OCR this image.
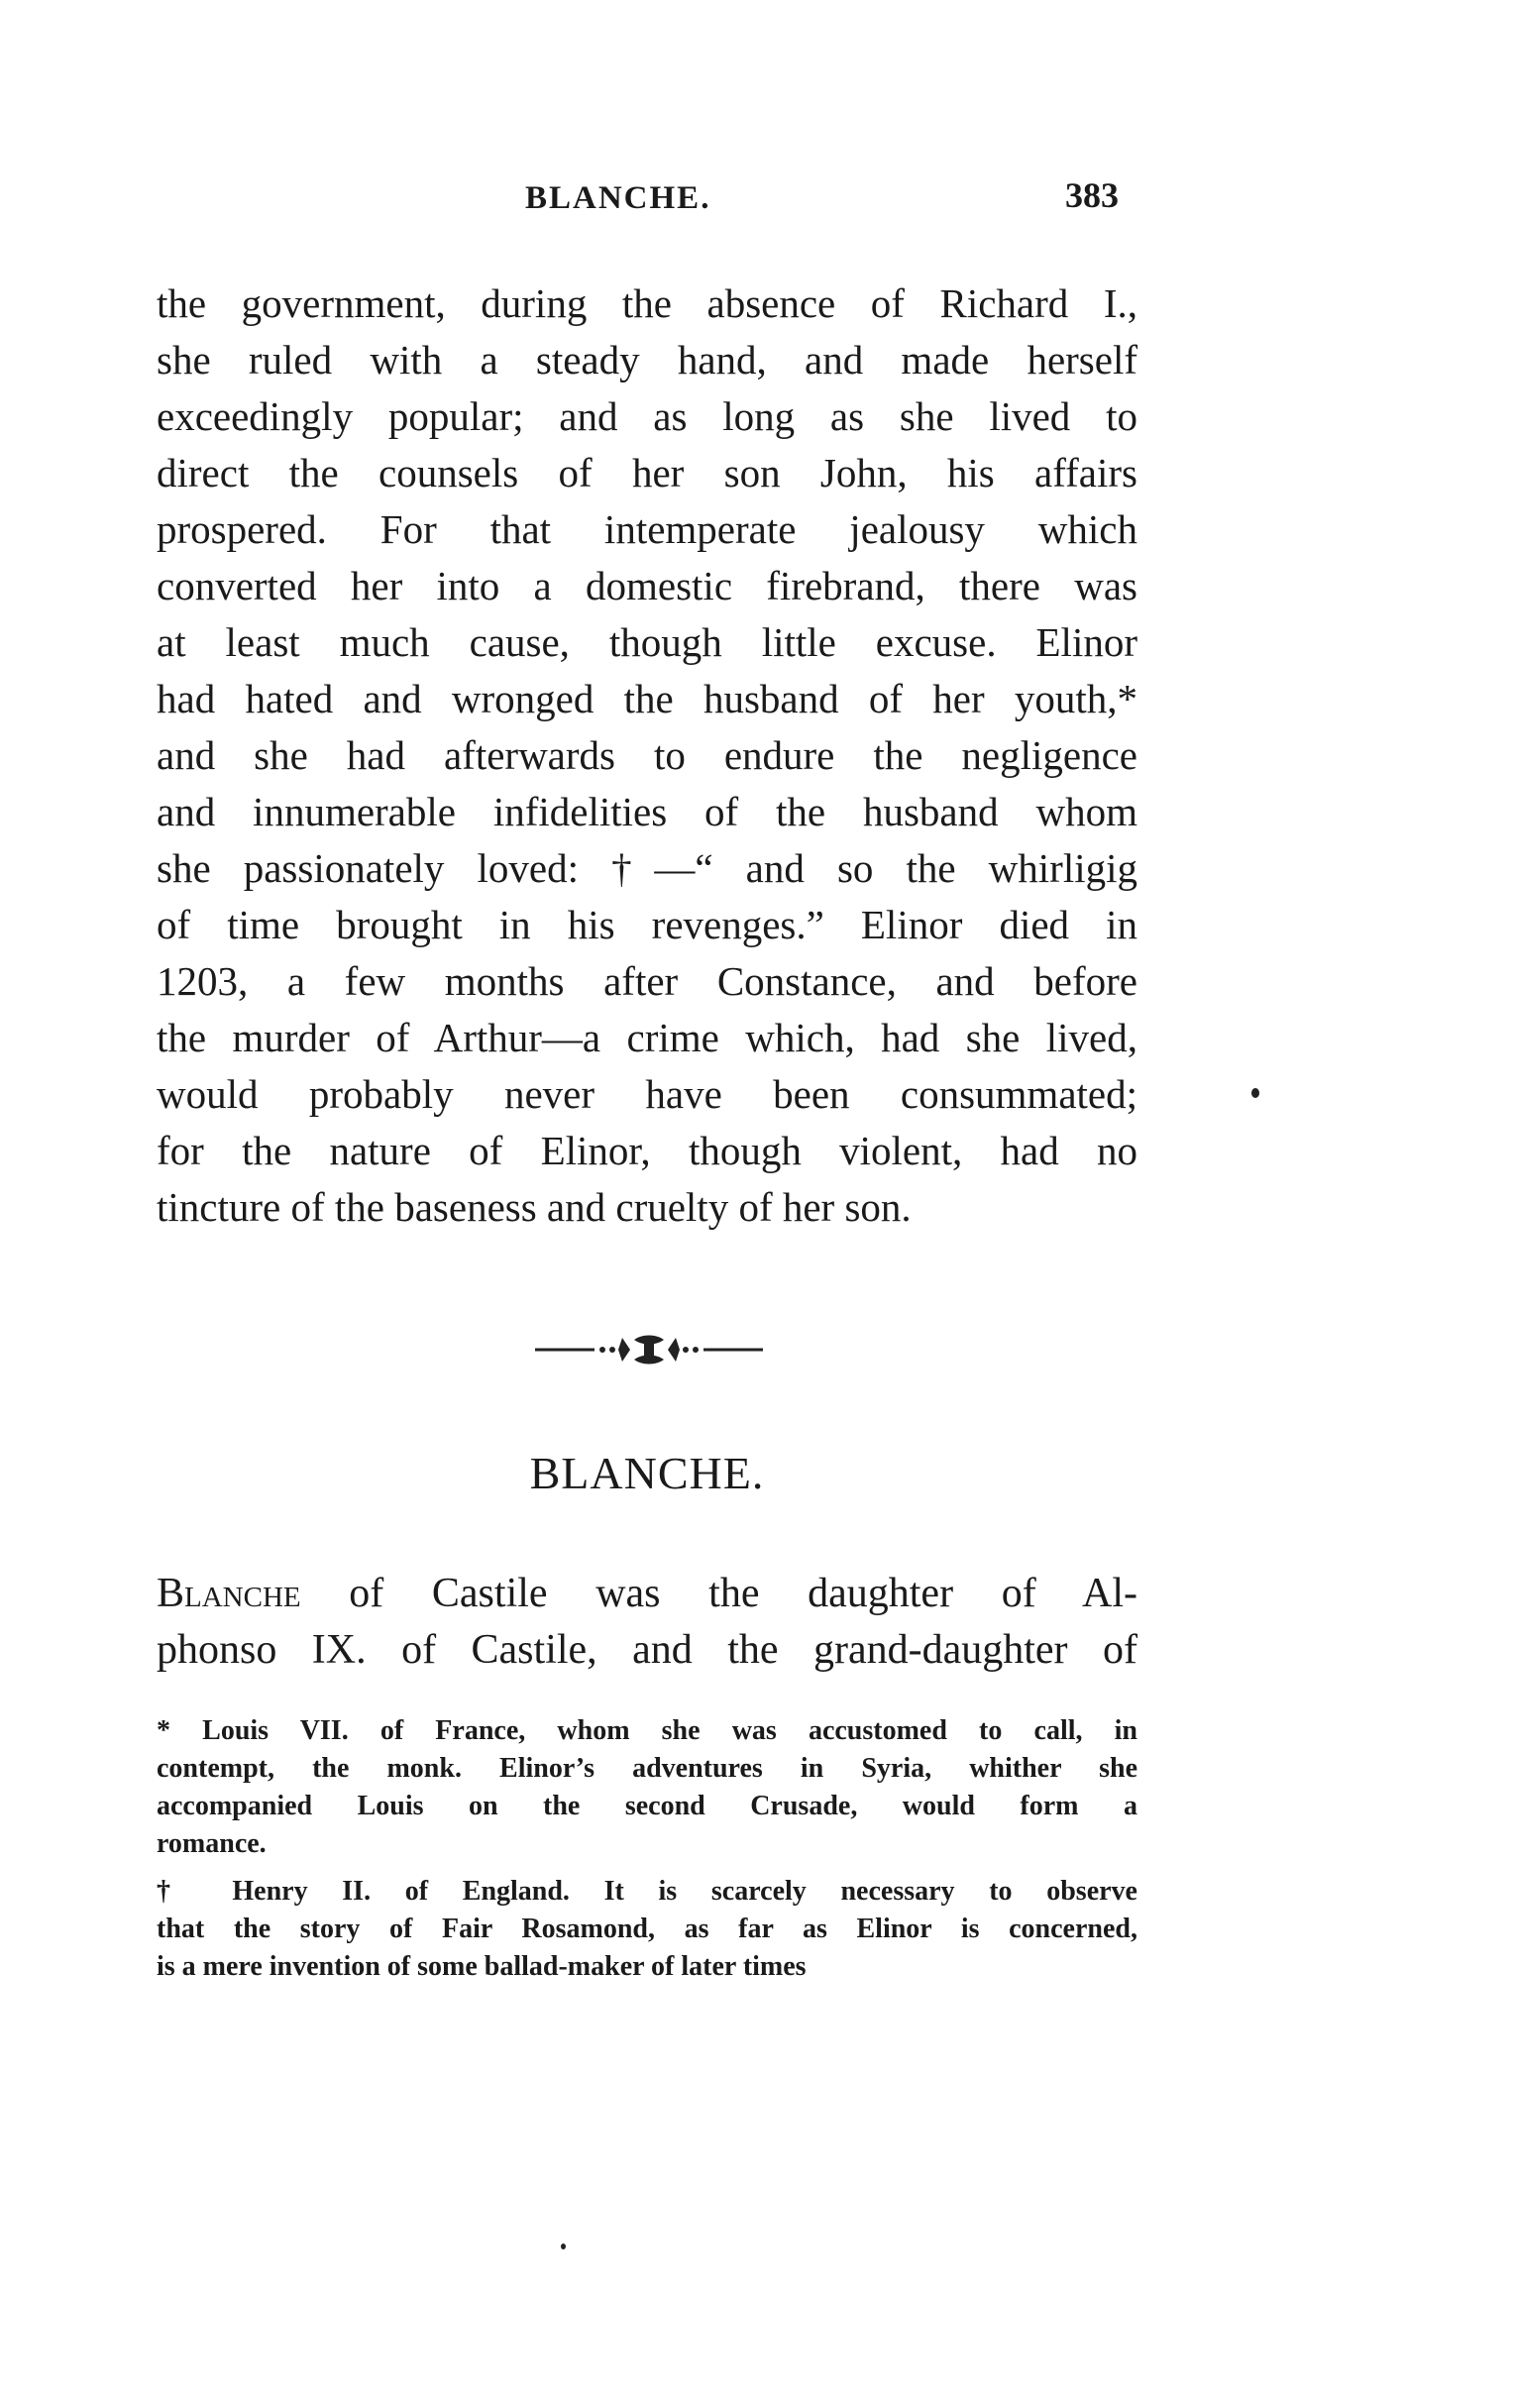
BLANCHE.	383
the government, during the absence of Richard I.,
she ruled with a steady hand, and made herself
exceedingly popular; and as long as she lived to
direct the counsels of her son John, his affairs
prospered. For that intemperate jealousy which
converted her into a domestic firebrand, there was
at least much cause, though little excuse. Elinor
had hated and wronged the husband of her youth,*
and she had afterwards to endure the negligence
and innumerable infidelities of the husband whom
she passionately loved: †—“ and so the whirligig
of time brought in his revenges.” Elinor died in
1203, a few months after Constance, and before
the murder of Arthur—a crime which, had she lived,
would probably never have been consummated;
for the nature of Elinor, though violent, had no
tincture of the baseness and cruelty of her son.
BLANCHE.
Blanche of Castile was the daughter of Al-
phonso IX. of Castile, and the grand-daughter of
* Louis VII. of France, whom she was accustomed to call, in
contempt, the monk. Elinor’s adventures in Syria, whither she
accompanied Louis on the second Crusade, would form a
romance.
† Henry II. of England. It is scarcely necessary to observe
that the story of Fair Rosamond, as far as Elinor is concerned,
is a mere invention of some ballad-maker of later times
